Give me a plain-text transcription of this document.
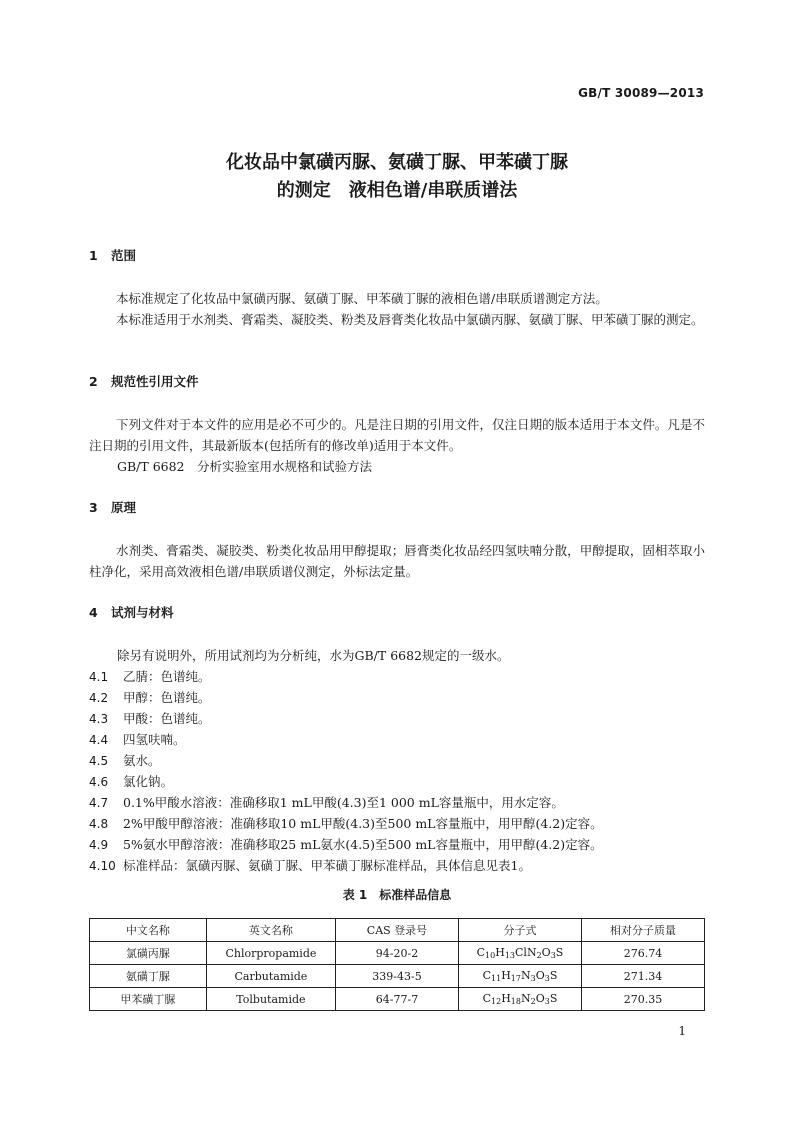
GB/T 30089—2013
化妆品中氯磺丙脲、氨磺丁脲、甲苯磺丁脲
的测定　液相色谱/串联质谱法
1 范围
本标准规定了化妆品中氯磺丙脲、氨磺丁脲、甲苯磺丁脲的液相色谱/串联质谱测定方法。
本标准适用于水剂类、膏霜类、凝胶类、粉类及唇膏类化妆品中氯磺丙脲、氨磺丁脲、甲苯磺丁脲的测定。
2 规范性引用文件
下列文件对于本文件的应用是必不可少的。凡是注日期的引用文件，仅注日期的版本适用于本文件。凡是不注日期的引用文件，其最新版本(包括所有的修改单)适用于本文件。
GB/T 6682　分析实验室用水规格和试验方法
3 原理
水剂类、膏霜类、凝胶类、粉类化妆品用甲醇提取；唇膏类化妆品经四氢呋喃分散，甲醇提取，固相萃取小柱净化，采用高效液相色谱/串联质谱仪测定，外标法定量。
4 试剂与材料
除另有说明外，所用试剂均为分析纯，水为GB/T 6682规定的一级水。
4.1 乙腈：色谱纯。
4.2 甲醇：色谱纯。
4.3 甲酸：色谱纯。
4.4 四氢呋喃。
4.5 氨水。
4.6 氯化钠。
4.7 0.1%甲酸水溶液：准确移取1 mL甲酸(4.3)至1 000 mL容量瓶中，用水定容。
4.8 2%甲酸甲醇溶液：准确移取10 mL甲酸(4.3)至500 mL容量瓶中，用甲醇(4.2)定容。
4.9 5%氨水甲醇溶液：准确移取25 mL氨水(4.5)至500 mL容量瓶中，用甲醇(4.2)定容。
4.10 标准样品：氯磺丙脲、氨磺丁脲、甲苯磺丁脲标准样品，具体信息见表1。
表 1　标准样品信息
中文名称	英文名称	CAS 登录号	分子式	相对分子质量
氯磺丙脲	Chlorpropamide	94-20-2	$C_{10}H_{13}ClN_2O_3S$	276.74
氨磺丁脲	Carbutamide	339-43-5	$C_{11}H_{17}N_3O_3S$	271.34
甲苯磺丁脲	Tolbutamide	64-77-7	$C_{12}H_{18}N_2O_3S$	270.35
1
